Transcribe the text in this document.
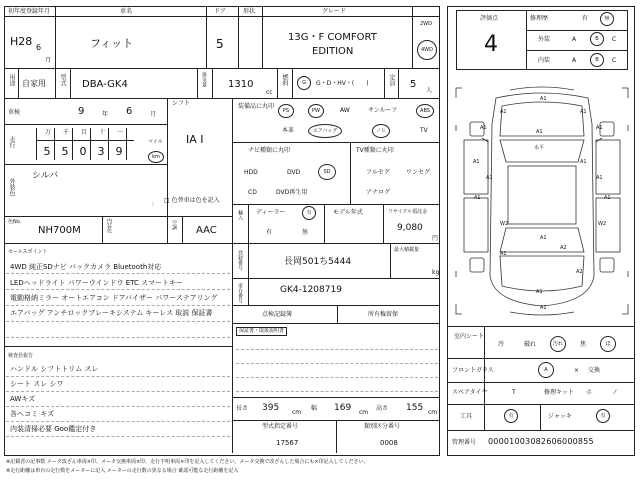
初年度登録年月
H28 6
月
車名
フィット
ドア
5
形状	グレード
13G・F COMFORT
EDITION
2WD
4WD
用途 自家用 型式 DBA-GK4	排気量 1310
cc
燃料	G G・D・HV・(　　)	定員 5
人
車検	9	年 6	月
シフト
IA I
走行
万
5
千
5
百
0
十
3
一
9
マイル
km
外装色
シルバ
:
□ 色替車は色を記入
色No.
NH700M	内装色	空調 AAC
セールスポイント
4WD 純正SDナビ バックカメラ Bluetooth対応
LEDヘッドライト パワーウインドウ ETC スマートキー
電動格納ミラー オートエアコン ドアバイザー パワーステアリング
エアバッグ アンチロックブレーキシステム キーレス 取説 保証書
検査員報告
ハンドル シフトトリム スレ
シート スレ シワ
AWキズ
各ヘコミ キズ
内装清掃必要 Goo鑑定付き
装備品に丸印
PS	PW	AW	サンルーフ	ABS
本革	エアバッグ	ノヒ	TV
ナビ種類に丸印
HDD	DVD	SD
CD	DVD再生用
TV種類に丸印
フルセグ	ワンセグ
アナログ
輸入 ディーラー	有
有	無
モデル年式	リサイクル預託金
9,080
円
登録番号	長岡501ち5444
最大積載量
kg
車台番号	GK4-1208719
点検記録簿	所有権留保
保証書・取扱説明書
長さ 395 cm
幅 169 cm
高さ 155 cm
型式指定番号
17567
類別区分番号
0008
評価点
4
修理歴	有	無
外装	A	B C
内装	A	B C
A1
A1	A1
A1
A1
A1
A1	A1
A1	A1
A1	A1
W2	W2
A1
A2
A1
A2
A1
A1
水平
室内シート
汚	破れ	汚れ	焦	ほ
フロントガラス	A	× 交換
スペアタイヤ	T	修理キット ホ	ノ
工具	有	ジャッキ	有
管理番号 00001003082606000855
※記載者の記事数 メータ改ざん車両×印、メータ交換車両×印、走行不明車両×印を記入してください、メータ交換で改ざんした場合にも×印記入してください。
※走行距離は車台の走行数をメーターに記入 メーターの走行数の異なる場合 確認可能な走行距離を記入
